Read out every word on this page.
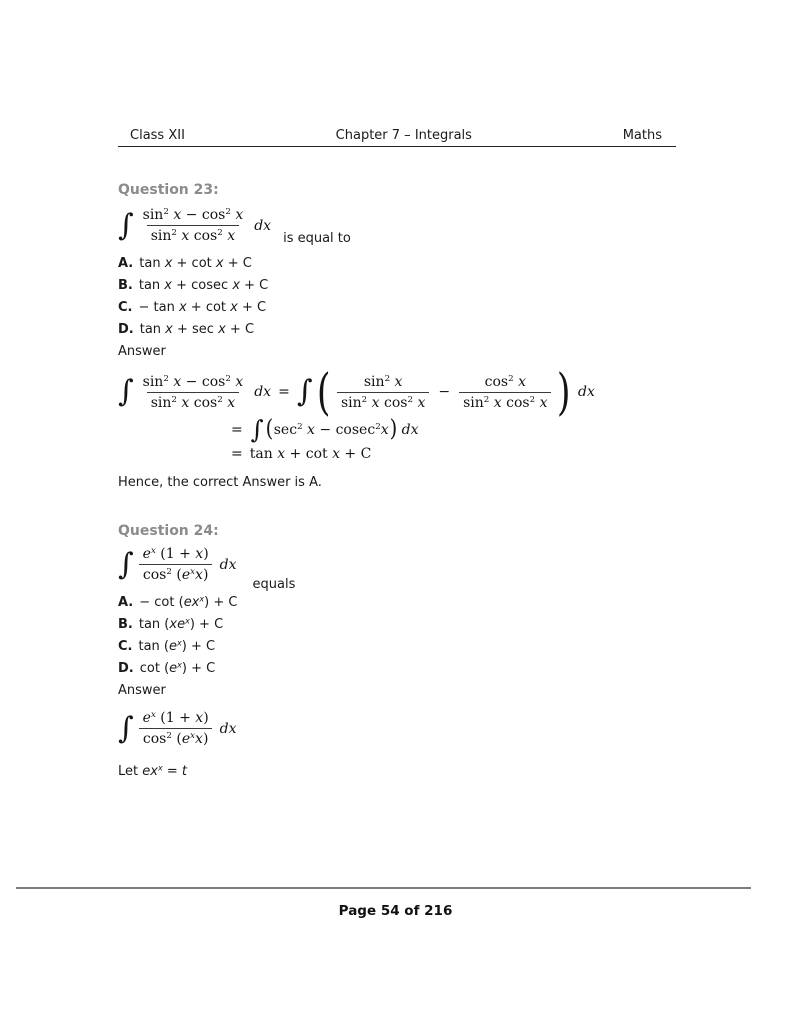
Class XII	Chapter 7 – Integrals	Maths
Question 23:
∫ $\frac{\sin^2 x - \cos^2 x}{\sin^2 x \cos^2 x}$ dx
is equal to
A. tan x + cot x + C
B. tan x + cosec x + C
C. − tan x + cot x + C
D. tan x + sec x + C
Answer
∫ $\frac{\sin^2 x - \cos^2 x}{\sin^2 x \cos^2 x}$ dx = ∫ ( $\frac{\sin^2 x}{\sin^2 x \cos^2 x} - \frac{\cos^2 x}{\sin^2 x \cos^2 x}$ ) dx
= ∫ ( $\sec^2 x - cosec^2x$ ) dx
= tan x + cot x + C

Hence, the correct Answer is A.

Question 24:
∫ $\frac{e^x (1 + x)}{\cos^2 (e^xx)}$ dx
equals
A. − $\cot (ex^x) + C$
B. $\tan (xe^x) + C$
C. $\tan (e^x) + C$
D. $\cot (e^x) + C$
Answer
∫ $\frac{e^x (1 + x)}{\cos^2 (e^xx)}$ dx

Let $ex^x = t$

Page 54 of 216
